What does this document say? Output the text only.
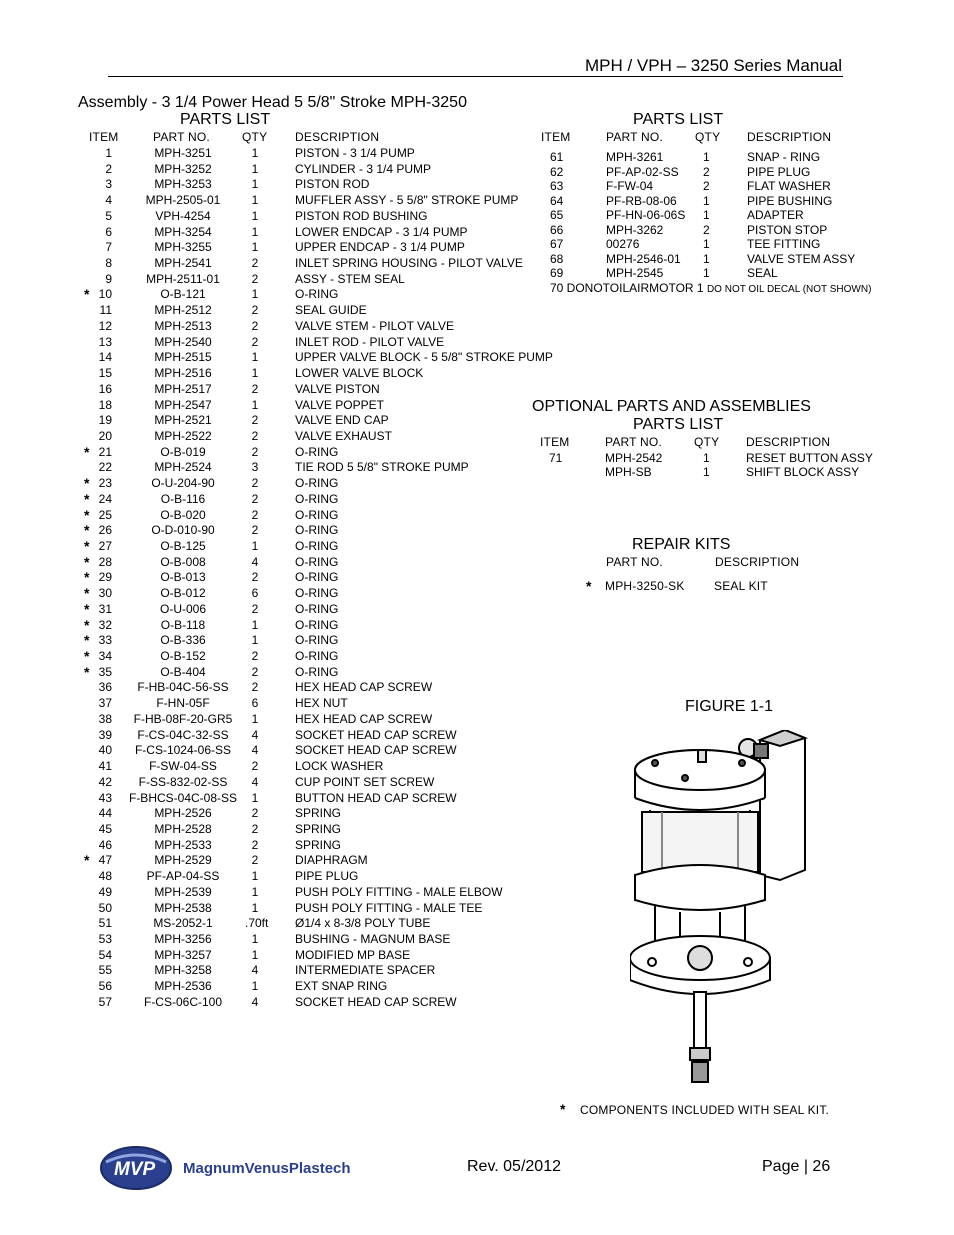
MPH / VPH – 3250 Series Manual
Assembly - 3 1/4 Power Head 5 5/8" Stroke MPH-3250
PARTS LIST
ITEM	PART NO.	QTY DESCRIPTION
1	MPH-3251	1	PISTON - 3 1/4 PUMP
2	MPH-3252	1	CYLINDER - 3 1/4 PUMP
3	MPH-3253	1	PISTON ROD
4	MPH-2505-01	1	MUFFLER ASSY - 5 5/8" STROKE PUMP
5	VPH-4254	1	PISTON ROD BUSHING
6	MPH-3254	1	LOWER ENDCAP - 3 1/4 PUMP
7	MPH-3255	1	UPPER ENDCAP - 3 1/4 PUMP
8	MPH-2541	2	INLET SPRING HOUSING - PILOT VALVE
9	MPH-2511-01	2	ASSY - STEM SEAL
* 10	O-B-121	1	O-RING
11	MPH-2512	2	SEAL GUIDE
12	MPH-2513	2	VALVE STEM - PILOT VALVE
13	MPH-2540	2	INLET ROD - PILOT VALVE
14	MPH-2515	1	UPPER VALVE BLOCK - 5 5/8" STROKE PUMP
15	MPH-2516	1	LOWER VALVE BLOCK
16	MPH-2517	2	VALVE PISTON
18	MPH-2547	1	VALVE POPPET
19	MPH-2521	2	VALVE END CAP
20	MPH-2522	2	VALVE EXHAUST
* 21	O-B-019	2	O-RING
22	MPH-2524	3	TIE ROD 5 5/8" STROKE PUMP
* 23	O-U-204-90	2	O-RING
* 24	O-B-116	2	O-RING
* 25	O-B-020	2	O-RING
* 26	O-D-010-90	2	O-RING
* 27	O-B-125	1	O-RING
* 28	O-B-008	4	O-RING
* 29	O-B-013	2	O-RING
* 30	O-B-012	6	O-RING
* 31	O-U-006	2	O-RING
* 32	O-B-118	1	O-RING
* 33	O-B-336	1	O-RING
* 34	O-B-152	2	O-RING
* 35	O-B-404	2	O-RING
36	F-HB-04C-56-SS	2	HEX HEAD CAP SCREW
37	F-HN-05F	6	HEX NUT
38	F-HB-08F-20-GR5	1	HEX HEAD CAP SCREW
39	F-CS-04C-32-SS	4	SOCKET HEAD CAP SCREW
40	F-CS-1024-06-SS	4	SOCKET HEAD CAP SCREW
41	F-SW-04-SS	2	LOCK WASHER
42	F-SS-832-02-SS	4	CUP POINT SET SCREW
43 F-BHCS-04C-08-SS	1	BUTTON HEAD CAP SCREW
44	MPH-2526	2	SPRING
45	MPH-2528	2	SPRING
46	MPH-2533	2	SPRING
* 47	MPH-2529	2	DIAPHRAGM
48	PF-AP-04-SS	1	PIPE PLUG
49	MPH-2539	1	PUSH POLY FITTING - MALE ELBOW
50	MPH-2538	1	PUSH POLY FITTING - MALE TEE
51	MS-2052-1	.70ft Ø1/4 x 8-3/8 POLY TUBE
53	MPH-3256	1	BUSHING - MAGNUM BASE
54	MPH-3257	1	MODIFIED MP BASE
55	MPH-3258	4	INTERMEDIATE SPACER
56	MPH-2536	1	EXT SNAP RING
57	F-CS-06C-100	4	SOCKET HEAD CAP SCREW
PARTS LIST
ITEM	PART NO.	QTY DESCRIPTION
61	MPH-3261	1	SNAP - RING
62	PF-AP-02-SS 2	PIPE PLUG
63	F-FW-04	2	FLAT WASHER
64	PF-RB-08-06 1	PIPE BUSHING
65	PF-HN-06-06S 1	ADAPTER
66	MPH-3262	2	PISTON STOP
67	00276	1	TEE FITTING
68	MPH-2546-01 1	VALVE STEM ASSY
69	MPH-2545	1	SEAL
70 DONOTOILAIRMOTOR 1 DO NOT OIL DECAL (NOT SHOWN)
OPTIONAL PARTS AND ASSEMBLIES
PARTS LIST
ITEM	PART NO.	QTY DESCRIPTION
71	MPH-2542	1	RESET BUTTON ASSY
MPH-SB	1	SHIFT BLOCK ASSY
REPAIR KITS
PART NO.	DESCRIPTION
* MPH-3250-SK SEAL KIT
FIGURE 1-1
* COMPONENTS INCLUDED WITH SEAL KIT.
MVP MagnumVenusPlastech	Rev. 05/2012	Page | 26
